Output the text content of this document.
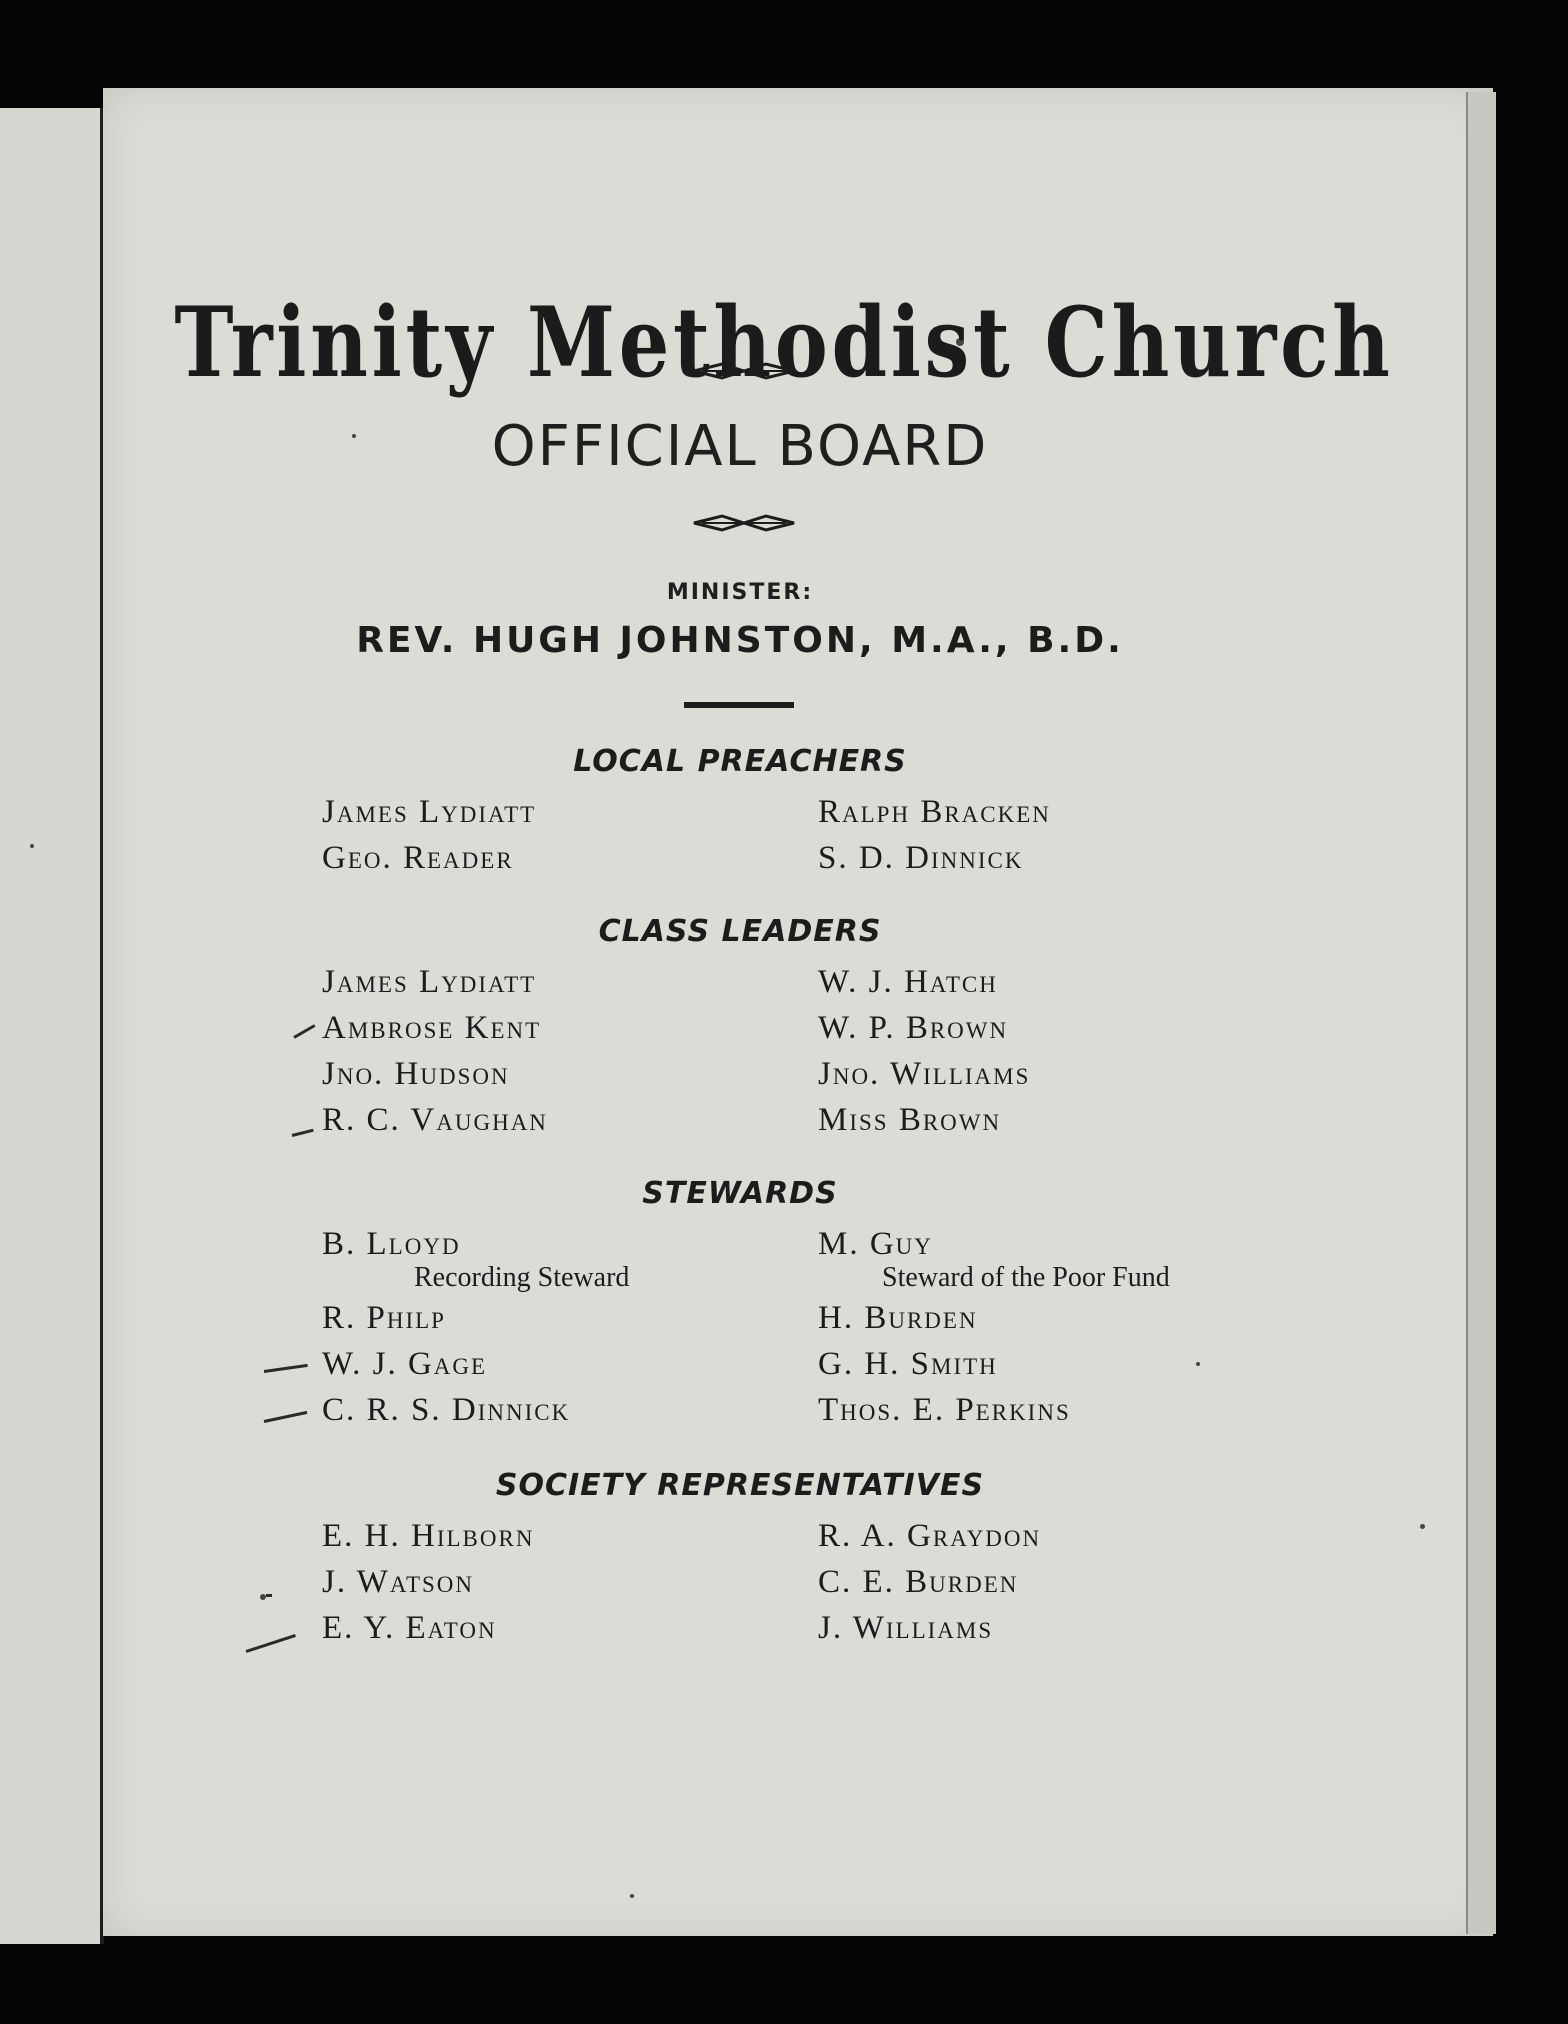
Trinity Methodist Church
OFFICIAL BOARD
MINISTER:
REV. HUGH JOHNSTON, M.A., B.D.
LOCAL PREACHERS
James Lydiatt
Geo. Reader
Ralph Bracken
S. D. Dinnick
CLASS LEADERS
James Lydiatt
Ambrose Kent
Jno. Hudson
R. C. Vaughan
W. J. Hatch
W. P. Brown
Jno. Williams
Miss Brown
STEWARDS
B. Lloyd
Recording Steward
R. Philp
W. J. Gage
C. R. S. Dinnick
M. Guy
Steward of the Poor Fund
H. Burden
G. H. Smith
Thos. E. Perkins
SOCIETY REPRESENTATIVES
E. H. Hilborn
J. Watson
E. Y. Eaton
R. A. Graydon
C. E. Burden
J. Williams
